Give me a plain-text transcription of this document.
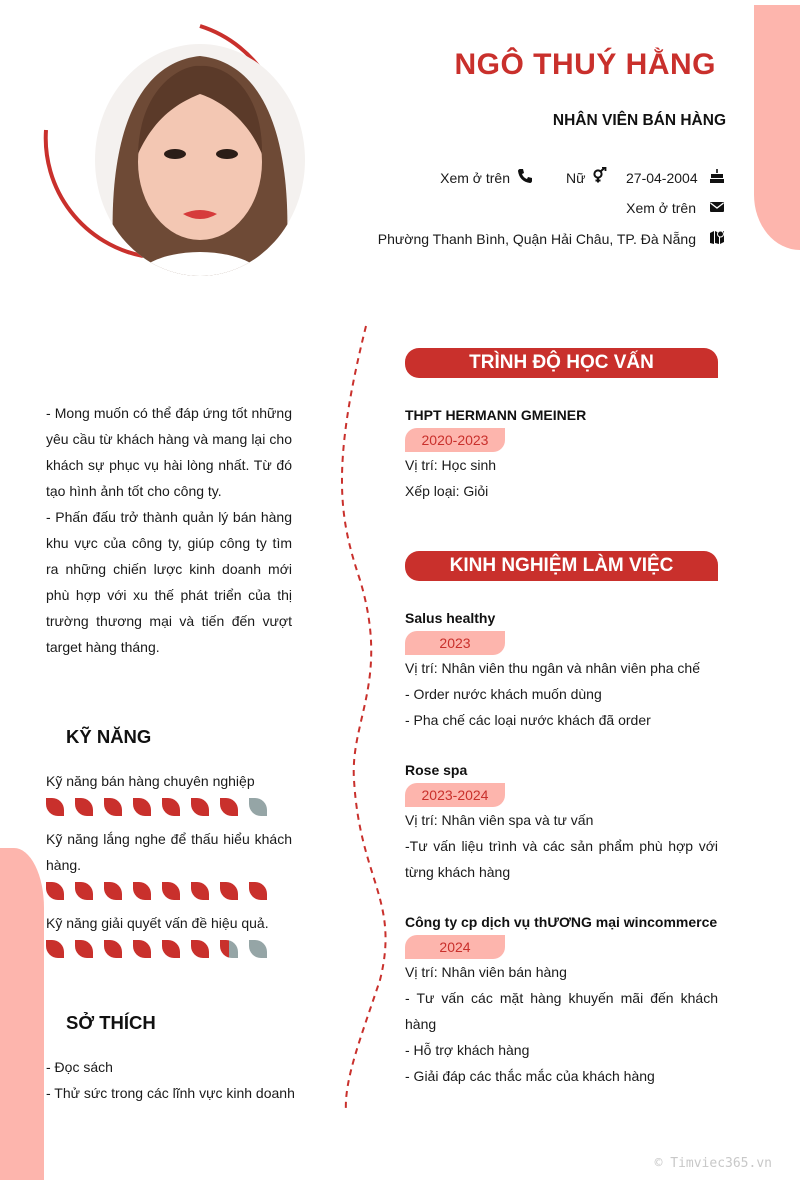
NGÔ THUÝ HẰNG
NHÂN VIÊN BÁN HÀNG
Xem ở trên	Nữ	27-04-2004
Xem ở trên
Phường Thanh Bình, Quận Hải Châu, TP. Đà Nẵng

- Mong muốn có thể đáp ứng tốt những yêu cầu từ khách hàng và mang lại cho khách sự phục vụ hài lòng nhất. Từ đó tạo hình ảnh tốt cho công ty.

- Phấn đấu trở thành quản lý bán hàng khu vực của công ty, giúp công ty tìm ra những chiến lược kinh doanh mới phù hợp với xu thế phát triển của thị trường thương mại và tiến đến vượt target hàng tháng.

KỸ NĂNG
Kỹ năng bán hàng chuyên nghiệp
Kỹ năng lắng nghe để thấu hiểu khách hàng.
Kỹ năng giải quyết vấn đề hiệu quả.
SỞ THÍCH
- Đọc sách
- Thử sức trong các lĩnh vực kinh doanh
TRÌNH ĐỘ HỌC VẤN
THPT HERMANN GMEINER
2020-2023
Vị trí: Học sinh
Xếp loại: Giỏi
KINH NGHIỆM LÀM VIỆC
Salus healthy
2023
Vị trí: Nhân viên thu ngân và nhân viên pha chế
- Order nước khách muốn dùng
- Pha chế các loại nước khách đã order
Rose spa
2023-2024
Vị trí: Nhân viên spa và tư vấn
-Tư vấn liệu trình và các sản phẩm phù hợp với từng khách hàng
Công ty cp dịch vụ thƯƠNG mại wincommerce
2024
Vị trí: Nhân viên bán hàng
- Tư vấn các mặt hàng khuyến mãi đến khách hàng
- Hỗ trợ khách hàng
- Giải đáp các thắc mắc của khách hàng
© Timviec365.vn
